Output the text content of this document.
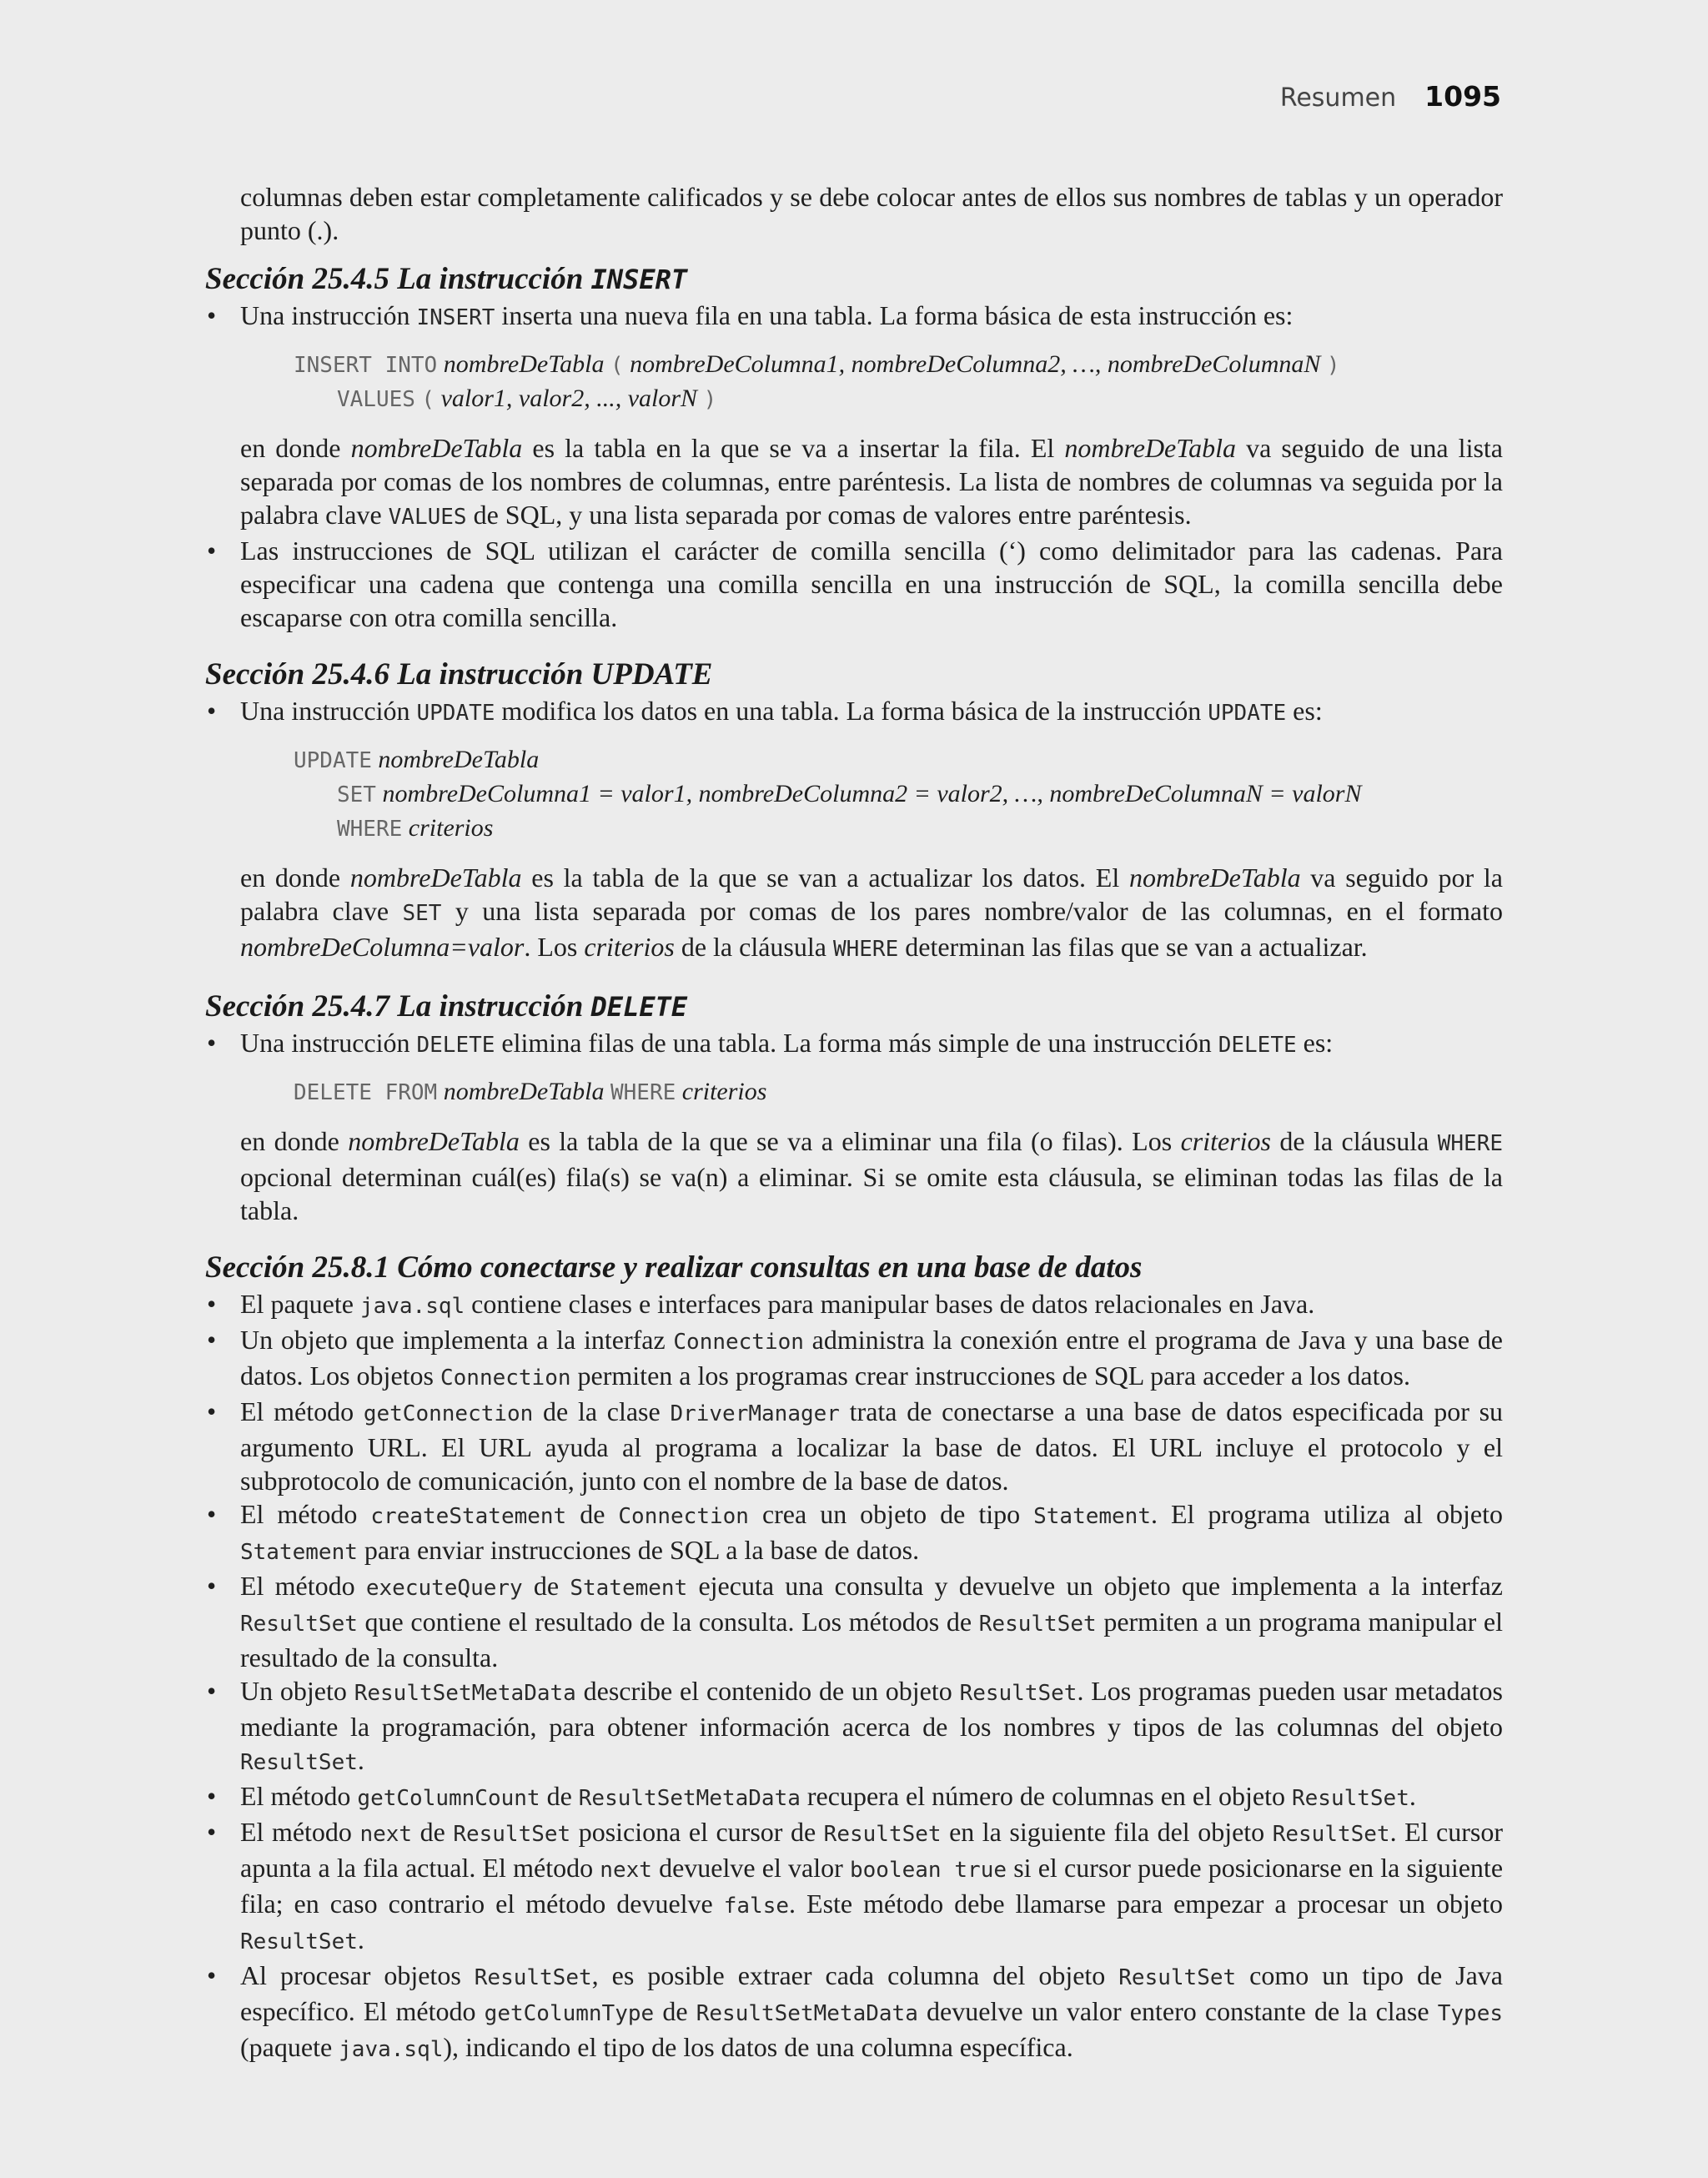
Resumen 1095

columnas deben estar completamente calificados y se debe colocar antes de ellos sus nombres de tablas y un operador punto (.).

Sección 25.4.5 La instrucción INSERT

• Una instrucción INSERT inserta una nueva fila en una tabla. La forma básica de esta instrucción es:

INSERT INTO nombreDeTabla ( nombreDeColumna1, nombreDeColumna2, …, nombreDeColumnaN )
VALUES ( valor1, valor2, ..., valorN )

en donde nombreDeTabla es la tabla en la que se va a insertar la fila. El nombreDeTabla va seguido de una lista separada por comas de los nombres de columnas, entre paréntesis. La lista de nombres de columnas va seguida por la palabra clave VALUES de SQL, y una lista separada por comas de valores entre paréntesis.

• Las instrucciones de SQL utilizan el carácter de comilla sencilla (‘) como delimitador para las cadenas. Para especificar una cadena que contenga una comilla sencilla en una instrucción de SQL, la comilla sencilla debe escaparse con otra comilla sencilla.

Sección 25.4.6 La instrucción UPDATE

• Una instrucción UPDATE modifica los datos en una tabla. La forma básica de la instrucción UPDATE es:

UPDATE nombreDeTabla
SET nombreDeColumna1 = valor1, nombreDeColumna2 = valor2, …, nombreDeColumnaN = valorN
WHERE criterios

en donde nombreDeTabla es la tabla de la que se van a actualizar los datos. El nombreDeTabla va seguido por la palabra clave SET y una lista separada por comas de los pares nombre/valor de las columnas, en el formato nombreDeColumna=valor. Los criterios de la cláusula WHERE determinan las filas que se van a actualizar.

Sección 25.4.7 La instrucción DELETE

• Una instrucción DELETE elimina filas de una tabla. La forma más simple de una instrucción DELETE es:

DELETE FROM nombreDeTabla WHERE criterios

en donde nombreDeTabla es la tabla de la que se va a eliminar una fila (o filas). Los criterios de la cláusula WHERE opcional determinan cuál(es) fila(s) se va(n) a eliminar. Si se omite esta cláusula, se eliminan todas las filas de la tabla.

Sección 25.8.1 Cómo conectarse y realizar consultas en una base de datos

• El paquete java.sql contiene clases e interfaces para manipular bases de datos relacionales en Java.

• Un objeto que implementa a la interfaz Connection administra la conexión entre el programa de Java y una base de datos. Los objetos Connection permiten a los programas crear instrucciones de SQL para acceder a los datos.

• El método getConnection de la clase DriverManager trata de conectarse a una base de datos especificada por su argumento URL. El URL ayuda al programa a localizar la base de datos. El URL incluye el protocolo y el subprotocolo de comunicación, junto con el nombre de la base de datos.

• El método createStatement de Connection crea un objeto de tipo Statement. El programa utiliza al objeto Statement para enviar instrucciones de SQL a la base de datos.

• El método executeQuery de Statement ejecuta una consulta y devuelve un objeto que implementa a la interfaz ResultSet que contiene el resultado de la consulta. Los métodos de ResultSet permiten a un programa manipular el resultado de la consulta.

• Un objeto ResultSetMetaData describe el contenido de un objeto ResultSet. Los programas pueden usar metadatos mediante la programación, para obtener información acerca de los nombres y tipos de las columnas del objeto ResultSet.

• El método getColumnCount de ResultSetMetaData recupera el número de columnas en el objeto ResultSet.

• El método next de ResultSet posiciona el cursor de ResultSet en la siguiente fila del objeto ResultSet. El cursor apunta a la fila actual. El método next devuelve el valor boolean true si el cursor puede posicionarse en la siguiente fila; en caso contrario el método devuelve false. Este método debe llamarse para empezar a procesar un objeto ResultSet.

• Al procesar objetos ResultSet, es posible extraer cada columna del objeto ResultSet como un tipo de Java específico. El método getColumnType de ResultSetMetaData devuelve un valor entero constante de la clase Types (paquete java.sql), indicando el tipo de los datos de una columna específica.
